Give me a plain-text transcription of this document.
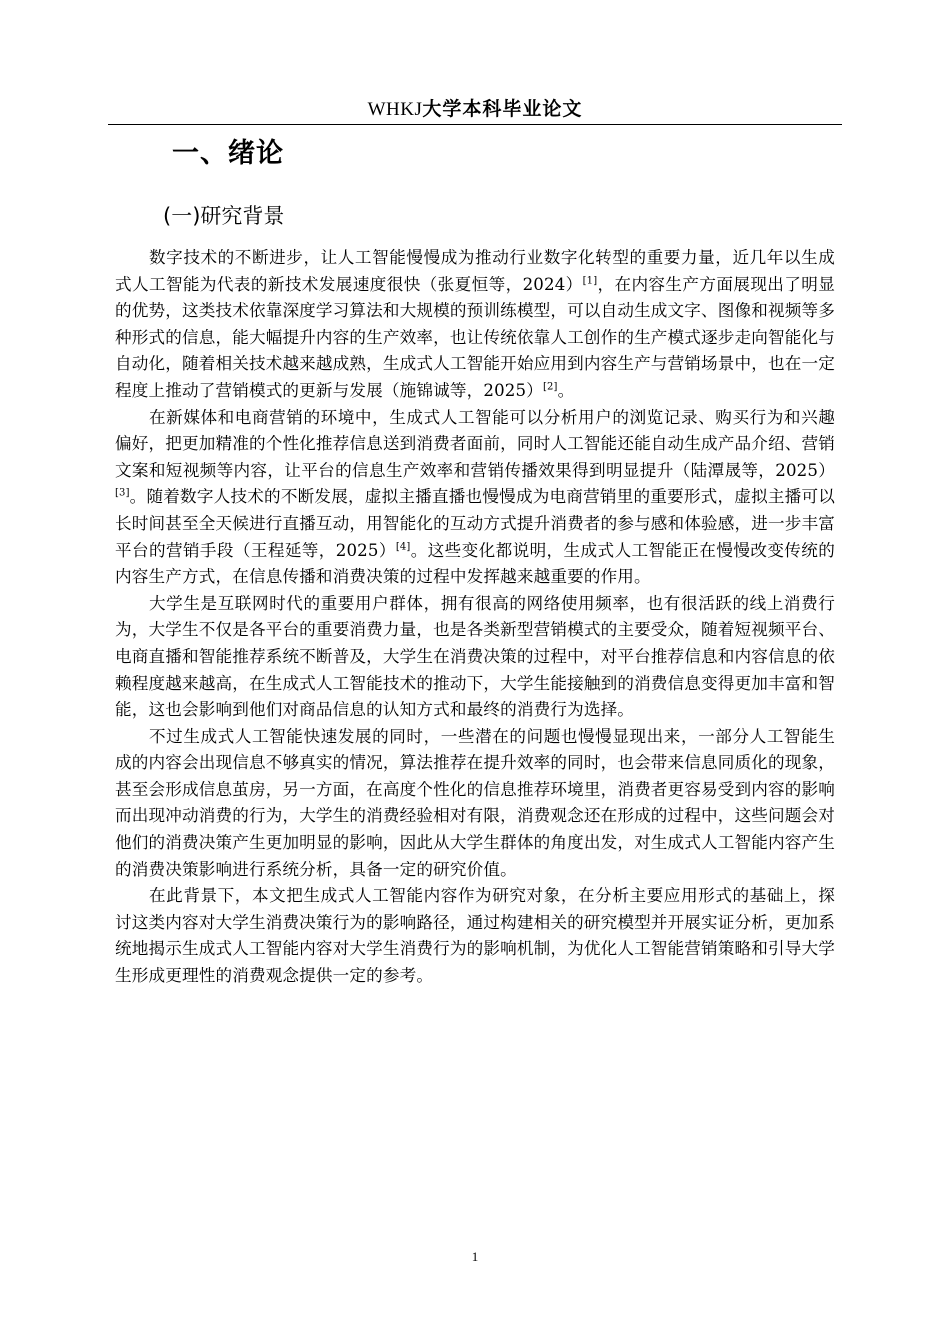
WHKJ大学本科毕业论文
一、绪论
(一)研究背景

数字技术的不断进步，让人工智能慢慢成为推动行业数字化转型的重要力量，近几年以生成式人工智能为代表的新技术发展速度很快（张夏恒等，2024）[1]，在内容生产方面展现出了明显的优势，这类技术依靠深度学习算法和大规模的预训练模型，可以自动生成文字、图像和视频等多种形式的信息，能大幅提升内容的生产效率，也让传统依靠人工创作的生产模式逐步走向智能化与自动化，随着相关技术越来越成熟，生成式人工智能开始应用到内容生产与营销场景中，也在一定程度上推动了营销模式的更新与发展（施锦诚等，2025）[2]。

在新媒体和电商营销的环境中，生成式人工智能可以分析用户的浏览记录、购买行为和兴趣偏好，把更加精准的个性化推荐信息送到消费者面前，同时人工智能还能自动生成产品介绍、营销文案和短视频等内容，让平台的信息生产效率和营销传播效果得到明显提升（陆潭晟等，2025）[3]。随着数字人技术的不断发展，虚拟主播直播也慢慢成为电商营销里的重要形式，虚拟主播可以长时间甚至全天候进行直播互动，用智能化的互动方式提升消费者的参与感和体验感，进一步丰富平台的营销手段（王程延等，2025）[4]。这些变化都说明，生成式人工智能正在慢慢改变传统的内容生产方式，在信息传播和消费决策的过程中发挥越来越重要的作用。

大学生是互联网时代的重要用户群体，拥有很高的网络使用频率，也有很活跃的线上消费行为，大学生不仅是各平台的重要消费力量，也是各类新型营销模式的主要受众，随着短视频平台、电商直播和智能推荐系统不断普及，大学生在消费决策的过程中，对平台推荐信息和内容信息的依赖程度越来越高，在生成式人工智能技术的推动下，大学生能接触到的消费信息变得更加丰富和智能，这也会影响到他们对商品信息的认知方式和最终的消费行为选择。

不过生成式人工智能快速发展的同时，一些潜在的问题也慢慢显现出来，一部分人工智能生成的内容会出现信息不够真实的情况，算法推荐在提升效率的同时，也会带来信息同质化的现象，甚至会形成信息茧房，另一方面，在高度个性化的信息推荐环境里，消费者更容易受到内容的影响而出现冲动消费的行为，大学生的消费经验相对有限，消费观念还在形成的过程中，这些问题会对他们的消费决策产生更加明显的影响，因此从大学生群体的角度出发，对生成式人工智能内容产生的消费决策影响进行系统分析，具备一定的研究价值。

在此背景下，本文把生成式人工智能内容作为研究对象，在分析主要应用形式的基础上，探讨这类内容对大学生消费决策行为的影响路径，通过构建相关的研究模型并开展实证分析，更加系统地揭示生成式人工智能内容对大学生消费行为的影响机制，为优化人工智能营销策略和引导大学生形成更理性的消费观念提供一定的参考。

1
